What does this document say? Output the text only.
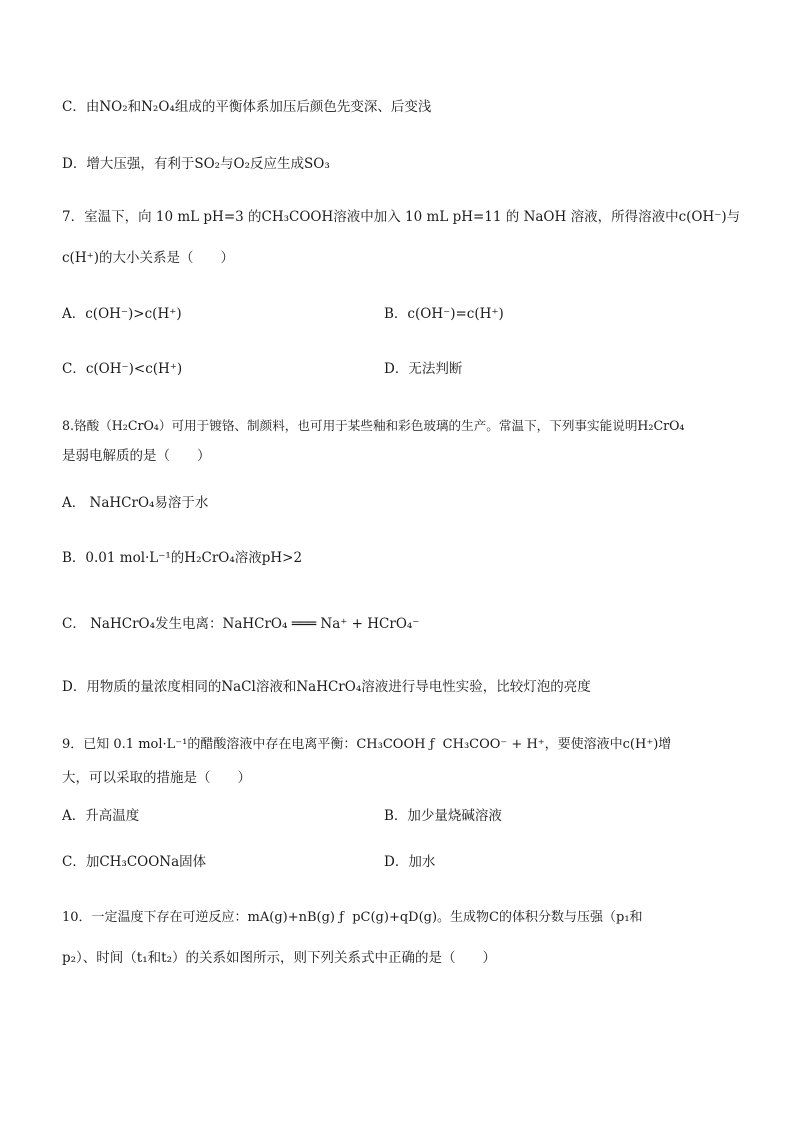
C．由NO₂和N₂O₄组成的平衡体系加压后颜色先变深、后变浅
D．增大压强，有利于SO₂与O₂反应生成SO₃
7．室温下，向 10 mL pH=3 的CH₃COOH溶液中加入 10 mL pH=11 的 NaOH 溶液，所得溶液中c(OH⁻)与
c(H⁺)的大小关系是（　　）
A．c(OH⁻)>c(H⁺)	B．c(OH⁻)=c(H⁺)
C．c(OH⁻)<c(H⁺)	D．无法判断
8.铬酸（H₂CrO₄）可用于镀铬、制颜料，也可用于某些釉和彩色玻璃的生产。常温下，下列事实能说明H₂CrO₄
是弱电解质的是（　　）
A． NaHCrO₄易溶于水
B．0.01 mol·L⁻¹的H₂CrO₄溶液pH>2
C． NaHCrO₄发生电离：NaHCrO₄ ═══ Na⁺ + HCrO₄⁻
D．用物质的量浓度相同的NaCl溶液和NaHCrO₄溶液进行导电性实验，比较灯泡的亮度
9．已知 0.1 mol·L⁻¹的醋酸溶液中存在电离平衡：CH₃COOH ƒ  CH₃COO⁻ + H⁺，要使溶液中c(H⁺)增
大，可以采取的措施是（　　）
A．升高温度	B．加少量烧碱溶液
C．加CH₃COONa固体	D．加水
10．一定温度下存在可逆反应：mA(g)+nB(g) ƒ  pC(g)+qD(g)。生成物C的体积分数与压强（p₁和
p₂）、时间（t₁和t₂）的关系如图所示，则下列关系式中正确的是（　　）
